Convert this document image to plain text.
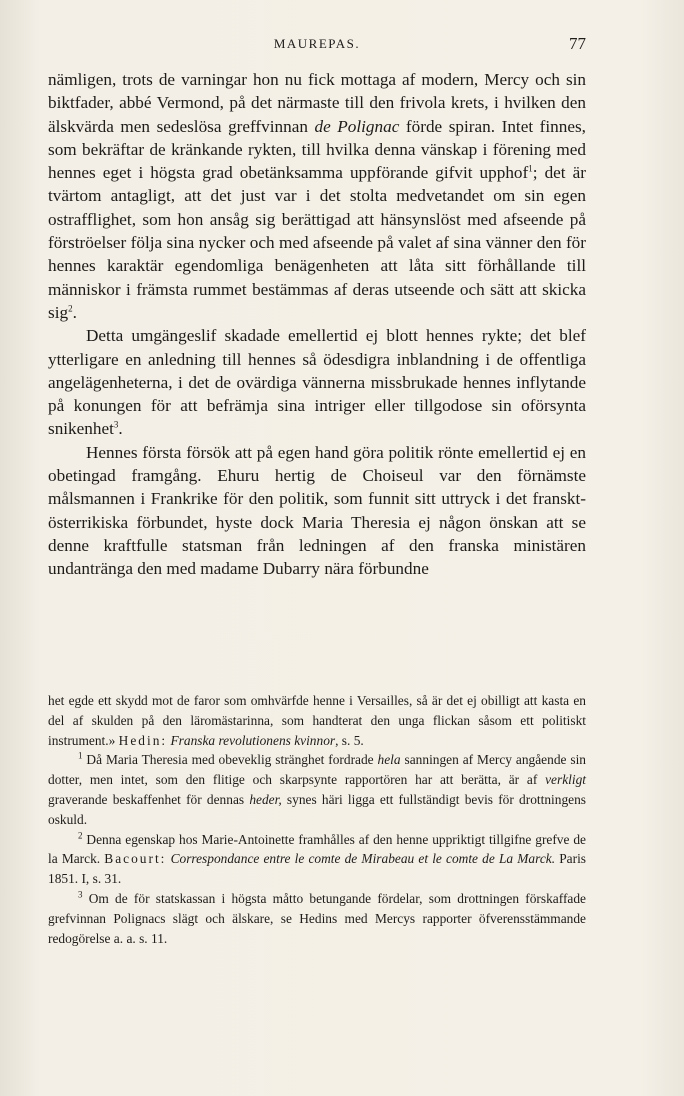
MAUREPAS.	77

nämligen, trots de varningar hon nu fick mottaga af modern, Mercy och sin biktfader, abbé Vermond, på det närmaste till den frivola krets, i hvilken den älskvärda men sedeslösa greffvinnan de Polignac förde spiran. Intet finnes, som bekräftar de kränkande rykten, till hvilka denna vänskap i förening med hennes eget i högsta grad obetänksamma uppförande gifvit upphof$^1$; det är tvärtom antagligt, att det just var i det stolta medvetandet om sin egen ostrafflighet, som hon ansåg sig berättigad att hänsynslöst med afseende på förströelser följa sina nycker och med afseende på valet af sina vänner den för hennes karaktär egendomliga benägenheten att låta sitt förhållande till människor i främsta rummet bestämmas af deras utseende och sätt att skicka sig$^2$.

Detta umgängeslif skadade emellertid ej blott hennes rykte; det blef ytterligare en anledning till hennes så ödesdigra inblandning i de offentliga angelägenheterna, i det de ovärdiga vännerna missbrukade hennes inflytande på konungen för att befrämja sina intriger eller tillgodose sin oförsynta snikenhet$^3$.

Hennes första försök att på egen hand göra politik rönte emellertid ej en obetingad framgång. Ehuru hertig de Choiseul var den förnämste målsmannen i Frankrike för den politik, som funnit sitt uttryck i det franskt-österrikiska förbundet, hyste dock Maria Theresia ej någon önskan att se denne kraftfulle statsman från ledningen af den franska ministären undantränga den med madame Dubarry nära förbundne

het egde ett skydd mot de faror som omhvärfde henne i Versailles, så är det ej obilligt att kasta en del af skulden på den läromästarinna, som handterat den unga flickan såsom ett politiskt instrument.» Hedin: Franska revolutionens kvinnor, s. 5.

$^1$ Då Maria Theresia med obeveklig stränghet fordrade hela sanningen af Mercy angående sin dotter, men intet, som den flitige och skarpsynte rapportören har att berätta, är af verkligt graverande beskaffenhet för dennas heder, synes häri ligga ett fullständigt bevis för drottningens oskuld.

$^2$ Denna egenskap hos Marie-Antoinette framhålles af den henne uppriktigt tillgifne grefve de la Marck. Bacourt: Correspondance entre le comte de Mirabeau et le comte de La Marck. Paris 1851. I, s. 31.

$^3$ Om de för statskassan i högsta måtto betungande fördelar, som drottningen förskaffade grefvinnan Polignacs slägt och älskare, se Hedins med Mercys rapporter öfverensstämmande redogörelse a. a. s. 11.
